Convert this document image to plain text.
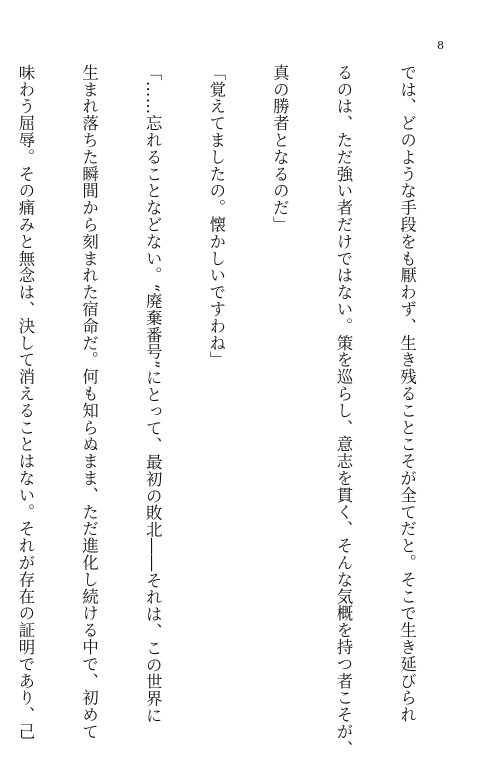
8

では、どのような手段をも厭わず、生き残ることこそが全てだと。そこで生き延びられ

るのは、ただ強い者だけではない。策を巡らし、意志を貫く、そんな気概を持つ者こそが、

真の勝者となるのだ」

「覚えてましたの。懐かしいですわね」

「……忘れることなどない。“廃棄番号”にとって、最初の敗北――それは、この世界に

生まれ落ちた瞬間から刻まれた宿命だ。何も知らぬまま、ただ進化し続ける中で、初めて

味わう屈辱。その痛みと無念は、決して消えることはない。それが存在の証明であり、己
